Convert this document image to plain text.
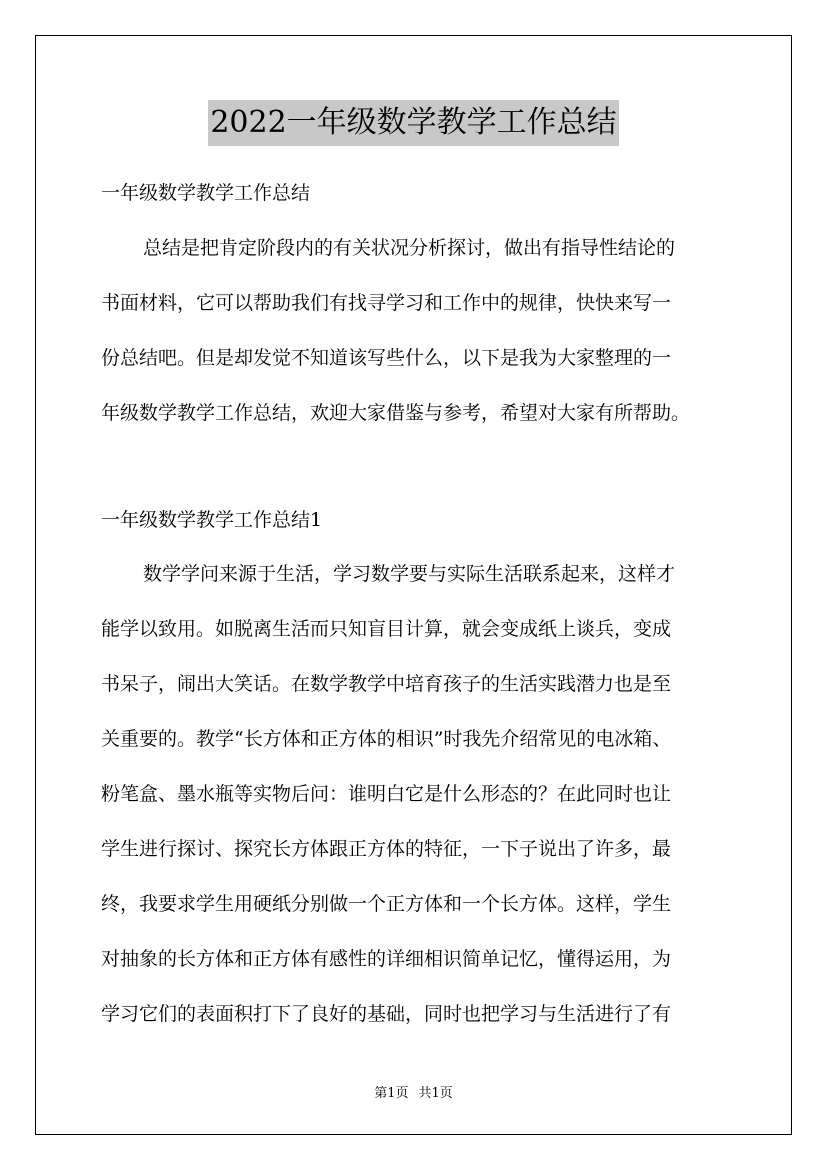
2022一年级数学教学工作总结
一年级数学教学工作总结
总结是把肯定阶段内的有关状况分析探讨，做出有指导性结论的
书面材料，它可以帮助我们有找寻学习和工作中的规律，快快来写一
份总结吧。但是却发觉不知道该写些什么，以下是我为大家整理的一
年级数学教学工作总结，欢迎大家借鉴与参考，希望对大家有所帮助。
一年级数学教学工作总结1
数学学问来源于生活，学习数学要与实际生活联系起来，这样才
能学以致用。如脱离生活而只知盲目计算，就会变成纸上谈兵，变成
书呆子，闹出大笑话。在数学教学中培育孩子的生活实践潜力也是至
关重要的。教学“长方体和正方体的相识”时我先介绍常见的电冰箱、
粉笔盒、墨水瓶等实物后问：谁明白它是什么形态的？在此同时也让
学生进行探讨、探究长方体跟正方体的特征，一下子说出了许多，最
终，我要求学生用硬纸分别做一个正方体和一个长方体。这样，学生
对抽象的长方体和正方体有感性的详细相识简单记忆，懂得运用，为
学习它们的表面积打下了良好的基础，同时也把学习与生活进行了有
第1页 共1页
